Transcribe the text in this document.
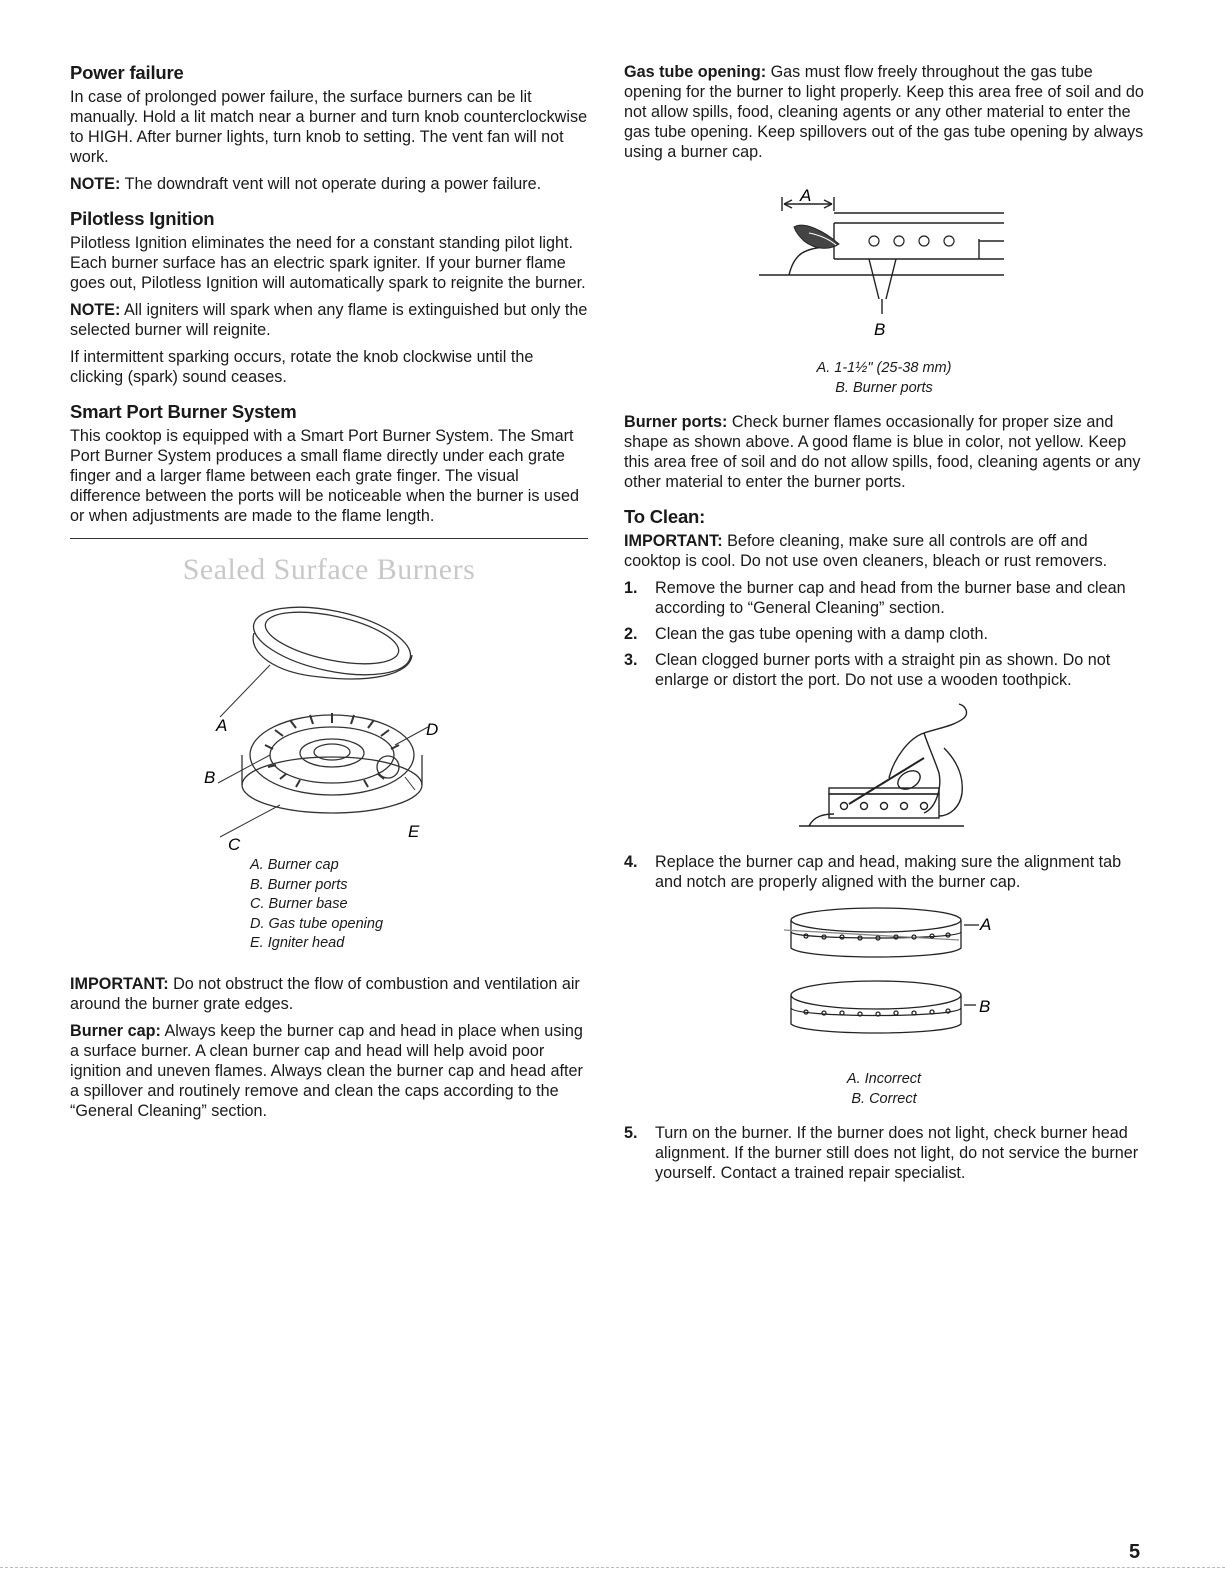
Power failure

In case of prolonged power failure, the surface burners can be lit manually. Hold a lit match near a burner and turn knob counterclockwise to HIGH. After burner lights, turn knob to setting. The vent fan will not work.

NOTE: The downdraft vent will not operate during a power failure.

Pilotless Ignition

Pilotless Ignition eliminates the need for a constant standing pilot light. Each burner surface has an electric spark igniter. If your burner flame goes out, Pilotless Ignition will automatically spark to reignite the burner.

NOTE: All igniters will spark when any flame is extinguished but only the selected burner will reignite.

If intermittent sparking occurs, rotate the knob clockwise until the clicking (spark) sound ceases.

Smart Port Burner System

This cooktop is equipped with a Smart Port Burner System. The Smart Port Burner System produces a small flame directly under each grate finger and a larger flame between each grate finger. The visual difference between the ports will be noticeable when the burner is used or when adjustments are made to the flame length.

Sealed Surface Burners
A
B
C
D
E
A. Burner cap
B. Burner ports
C. Burner base
D. Gas tube opening
E. Igniter head

IMPORTANT: Do not obstruct the flow of combustion and ventilation air around the burner grate edges.

Burner cap: Always keep the burner cap and head in place when using a surface burner. A clean burner cap and head will help avoid poor ignition and uneven flames. Always clean the burner cap and head after a spillover and routinely remove and clean the caps according to the “General Cleaning” section.

Gas tube opening: Gas must flow freely throughout the gas tube opening for the burner to light properly. Keep this area free of soil and do not allow spills, food, cleaning agents or any other material to enter the gas tube opening. Keep spillovers out of the gas tube opening by always using a burner cap.

A
B
A. 1-1½" (25-38 mm)
B. Burner ports

Burner ports: Check burner flames occasionally for proper size and shape as shown above. A good flame is blue in color, not yellow. Keep this area free of soil and do not allow spills, food, cleaning agents or any other material to enter the burner ports.

To Clean:

IMPORTANT: Before cleaning, make sure all controls are off and cooktop is cool. Do not use oven cleaners, bleach or rust removers.

1. Remove the burner cap and head from the burner base and clean according to “General Cleaning” section.
2. Clean the gas tube opening with a damp cloth.
3. Clean clogged burner ports with a straight pin as shown. Do not enlarge or distort the port. Do not use a wooden toothpick.
4. Replace the burner cap and head, making sure the alignment tab and notch are properly aligned with the burner cap.
A
B
A. Incorrect
B. Correct
5. Turn on the burner. If the burner does not light, check burner head alignment. If the burner still does not light, do not service the burner yourself. Contact a trained repair specialist.
5
